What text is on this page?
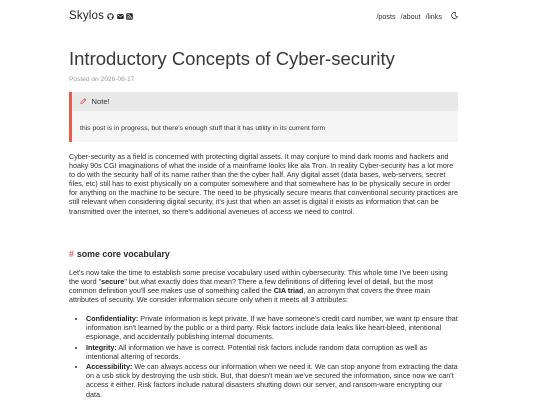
Skylos	/posts /about /links
Introductory Concepts of Cyber-security
Posted on 2026-06-17
Note!
this post is in progress, but there's enough stuff that it has utility in its current form

Cyber-security as a field is concerned with protecting digital assets. It may conjure to mind dark rooms and hackers and hoaky 90s CGI imaginations of what the inside of a mainframe looks like ala Tron. In reality Cyber-security has a lot more to do with the security half of its name rather than the the cyber half. Any digital asset (data bases, web-servers, secret files, etc) still has to exist physically on a computer somewhere and that somewhere has to be physically secure in order for anything on the machine to be secure. The need to be physically secure means that conventional security practices are still relevant when considering digital security, it's just that when an asset is digital it exists as information that can be transmitted over the internet, so there's additional aveneues of access we need to control.

# some core vocabulary

Let's now take the time to establish some precise vocabulary used within cybersecurity. This whole time I've been using the word "secure" but what exactly does that mean? There a few definitions of differing level of detail, but the most common definition you'll see makes use of something called the CIA triad, an acronym that covers the three main attributes of security. We consider information secure only when it meets all 3 attributes:

• Confidentiality: Private information is kept private. If we have someone's credit card number, we want tp ensure that information isn't learned by the public or a third party. Risk factors include data leaks like heart-bleed, intentional espionage, and accidentally publishing internal documents.
• Integrity: All information we have is correct. Potential risk factors include random data corruption as well as intentional altering of records.
• Accessibility: We can always access our information when we need it. We can stop anyone from extracting the data on a usb stick by destroying the usb stick. But, that doesn't mean we've secured the information, since now we can't access it either. Risk factors include natural disasters shutting down our server, and ransom-ware encrypting our data.
